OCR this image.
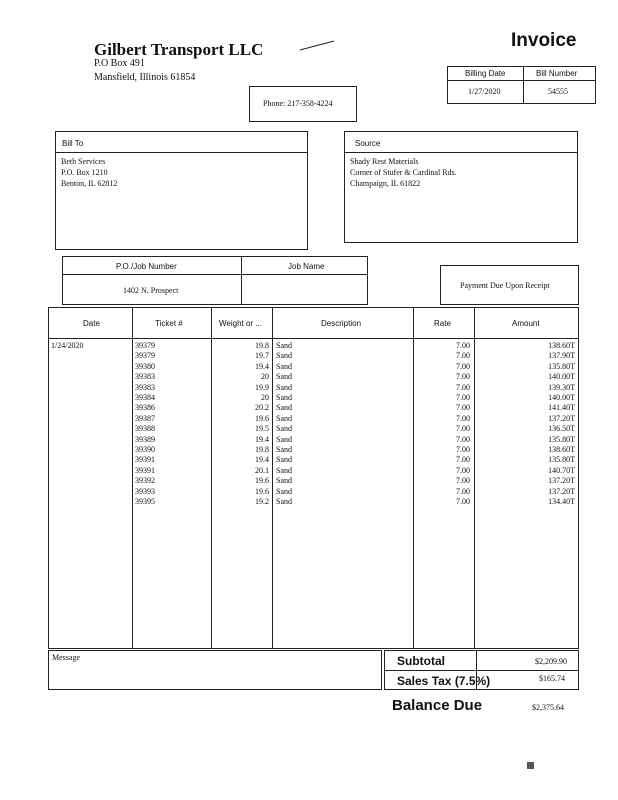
Gilbert Transport LLC
P.O Box 491
Mansfield, Illinois 61854
Invoice
Phone: 217-358-4224
Billing Date	Bill Number
1/27/2020	54555
Bill To
Beth Services
P.O. Box 1210
Benton, IL 62812
Source
Shady Rest Materials
Corner of Stufer & Cardinal Rds.
Champaign, IL 61822
P.O./Job Number	Job Name
1402 N. Prospect
Payment Due Upon Receipt
Date	Ticket #	Weight or ...	Description	Rate	Amount
1/24/2020	39379	19.8 Sand	7.00	138.60T
39379	19.7 Sand	7.00	137.90T
39380	19.4 Sand	7.00	135.80T
39383	20 Sand	7.00	140.00T
39383	19.9 Sand	7.00	139.30T
39384	20 Sand	7.00	140.00T
39386	20.2 Sand	7.00	141.40T
39387	19.6 Sand	7.00	137.20T
39388	19.5 Sand	7.00	136.50T
39389	19.4 Sand	7.00	135.80T
39390	19.8 Sand	7.00	138.60T
39391	19.4 Sand	7.00	135.80T
39391	20.1 Sand	7.00	140.70T
39392	19.6 Sand	7.00	137.20T
39393	19.6 Sand	7.00	137.20T
39395	19.2 Sand	7.00	134.40T
Message	Subtotal	$2,209.90
Sales Tax (7.5%)	$165.74
Balance Due	$2,375.64
